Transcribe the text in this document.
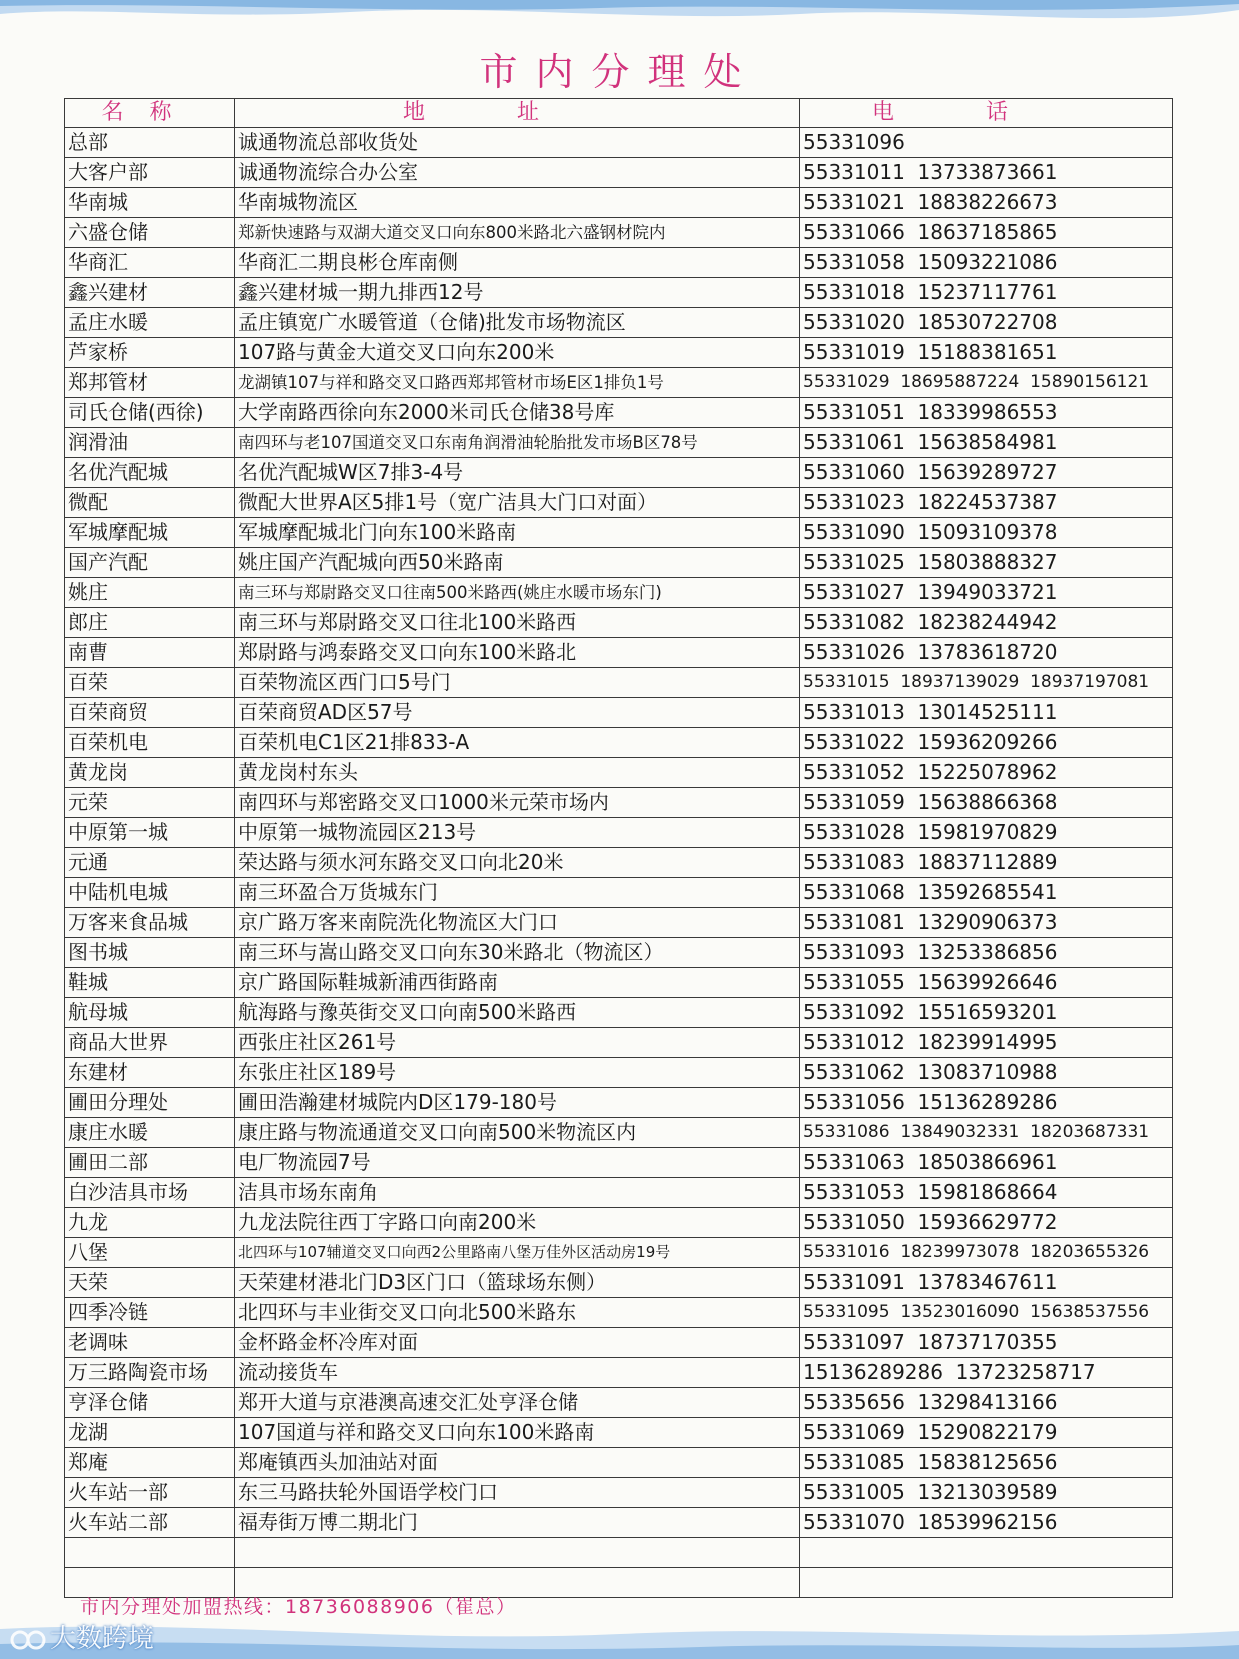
市内分理处
名称	地址	电话
总部	诚通物流总部收货处	55331096
大客户部	诚通物流综合办公室	55331011  13733873661
华南城	华南城物流区	55331021  18838226673
六盛仓储	郑新快速路与双湖大道交叉口向东800米路北六盛钢材院内	55331066  18637185865
华商汇	华商汇二期良彬仓库南侧	55331058  15093221086
鑫兴建材	鑫兴建材城一期九排西12号	55331018  15237117761
孟庄水暖	孟庄镇宽广水暖管道（仓储)批发市场物流区	55331020  18530722708
芦家桥	107路与黄金大道交叉口向东200米	55331019  15188381651
郑邦管材	龙湖镇107与祥和路交叉口路西郑邦管材市场E区1排负1号	55331029  18695887224  15890156121
司氏仓储(西徐)	大学南路西徐向东2000米司氏仓储38号库	55331051  18339986553
润滑油	南四环与老107国道交叉口东南角润滑油轮胎批发市场B区78号	55331061  15638584981
名优汽配城	名优汽配城W区7排3-4号	55331060  15639289727
微配	微配大世界A区5排1号（宽广洁具大门口对面）	55331023  18224537387
军城摩配城	军城摩配城北门向东100米路南	55331090  15093109378
国产汽配	姚庄国产汽配城向西50米路南	55331025  15803888327
姚庄	南三环与郑尉路交叉口往南500米路西(姚庄水暖市场东门)	55331027  13949033721
郎庄	南三环与郑尉路交叉口往北100米路西	55331082  18238244942
南曹	郑尉路与鸿泰路交叉口向东100米路北	55331026  13783618720
百荣	百荣物流区西门口5号门	55331015  18937139029  18937197081
百荣商贸	百荣商贸AD区57号	55331013  13014525111
百荣机电	百荣机电C1区21排833-A	55331022  15936209266
黄龙岗	黄龙岗村东头	55331052  15225078962
元荣	南四环与郑密路交叉口1000米元荣市场内	55331059  15638866368
中原第一城	中原第一城物流园区213号	55331028  15981970829
元通	荣达路与须水河东路交叉口向北20米	55331083  18837112889
中陆机电城	南三环盈合万货城东门	55331068  13592685541
万客来食品城	京广路万客来南院洗化物流区大门口	55331081  13290906373
图书城	南三环与嵩山路交叉口向东30米路北（物流区）	55331093  13253386856
鞋城	京广路国际鞋城新浦西街路南	55331055  15639926646
航母城	航海路与豫英街交叉口向南500米路西	55331092  15516593201
商品大世界	西张庄社区261号	55331012  18239914995
东建材	东张庄社区189号	55331062  13083710988
圃田分理处	圃田浩瀚建材城院内D区179-180号	55331056  15136289286
康庄水暖	康庄路与物流通道交叉口向南500米物流区内	55331086  13849032331  18203687331
圃田二部	电厂物流园7号	55331063  18503866961
白沙洁具市场	洁具市场东南角	55331053  15981868664
九龙	九龙法院往西丁字路口向南200米	55331050  15936629772
八堡	北四环与107辅道交叉口向西2公里路南八堡万佳外区活动房19号	55331016  18239973078  18203655326
天荣	天荣建材港北门D3区门口（篮球场东侧）	55331091  13783467611
四季冷链	北四环与丰业街交叉口向北500米路东	55331095  13523016090  15638537556
老调味	金杯路金杯冷库对面	55331097  18737170355
万三路陶瓷市场	流动接货车	15136289286  13723258717
亨泽仓储	郑开大道与京港澳高速交汇处亨泽仓储	55335656  13298413166
龙湖	107国道与祥和路交叉口向东100米路南	55331069  15290822179
郑庵	郑庵镇西头加油站对面	55331085  15838125656
火车站一部	东三马路扶轮外国语学校门口	55331005  13213039589
火车站二部	福寿街万博二期北门	55331070  18539962156

市内分理处加盟热线：18736088906（崔总）
大数跨境
